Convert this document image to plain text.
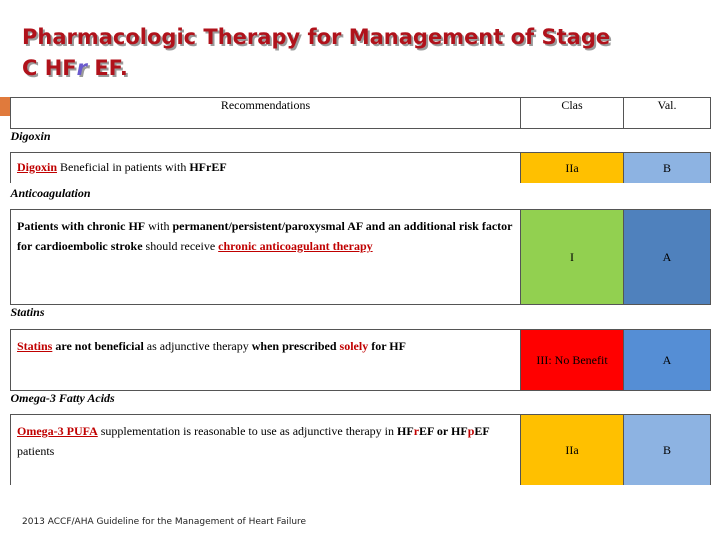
Pharmacologic Therapy for Management of Stage
C HFr EF.
Recommendations	Clas	Val.
Digoxin		
Digoxin Beneficial in patients with HFrEF	IIa	B
Anticoagulation		
Patients with chronic HF with permanent/persistent/paroxysmal AF and an additional risk factor for cardioembolic stroke should receive chronic anticoagulant therapy	I	A
Statins		
Statins are not beneficial as adjunctive therapy when prescribed solely for HF	III: No Benefit	A
Omega-3 Fatty Acids		
Omega-3 PUFA supplementation is reasonable to use as adjunctive therapy in HFrEF or HFpEF patients	IIa	B
2013 ACCF/AHA Guideline for the Management of Heart Failure
